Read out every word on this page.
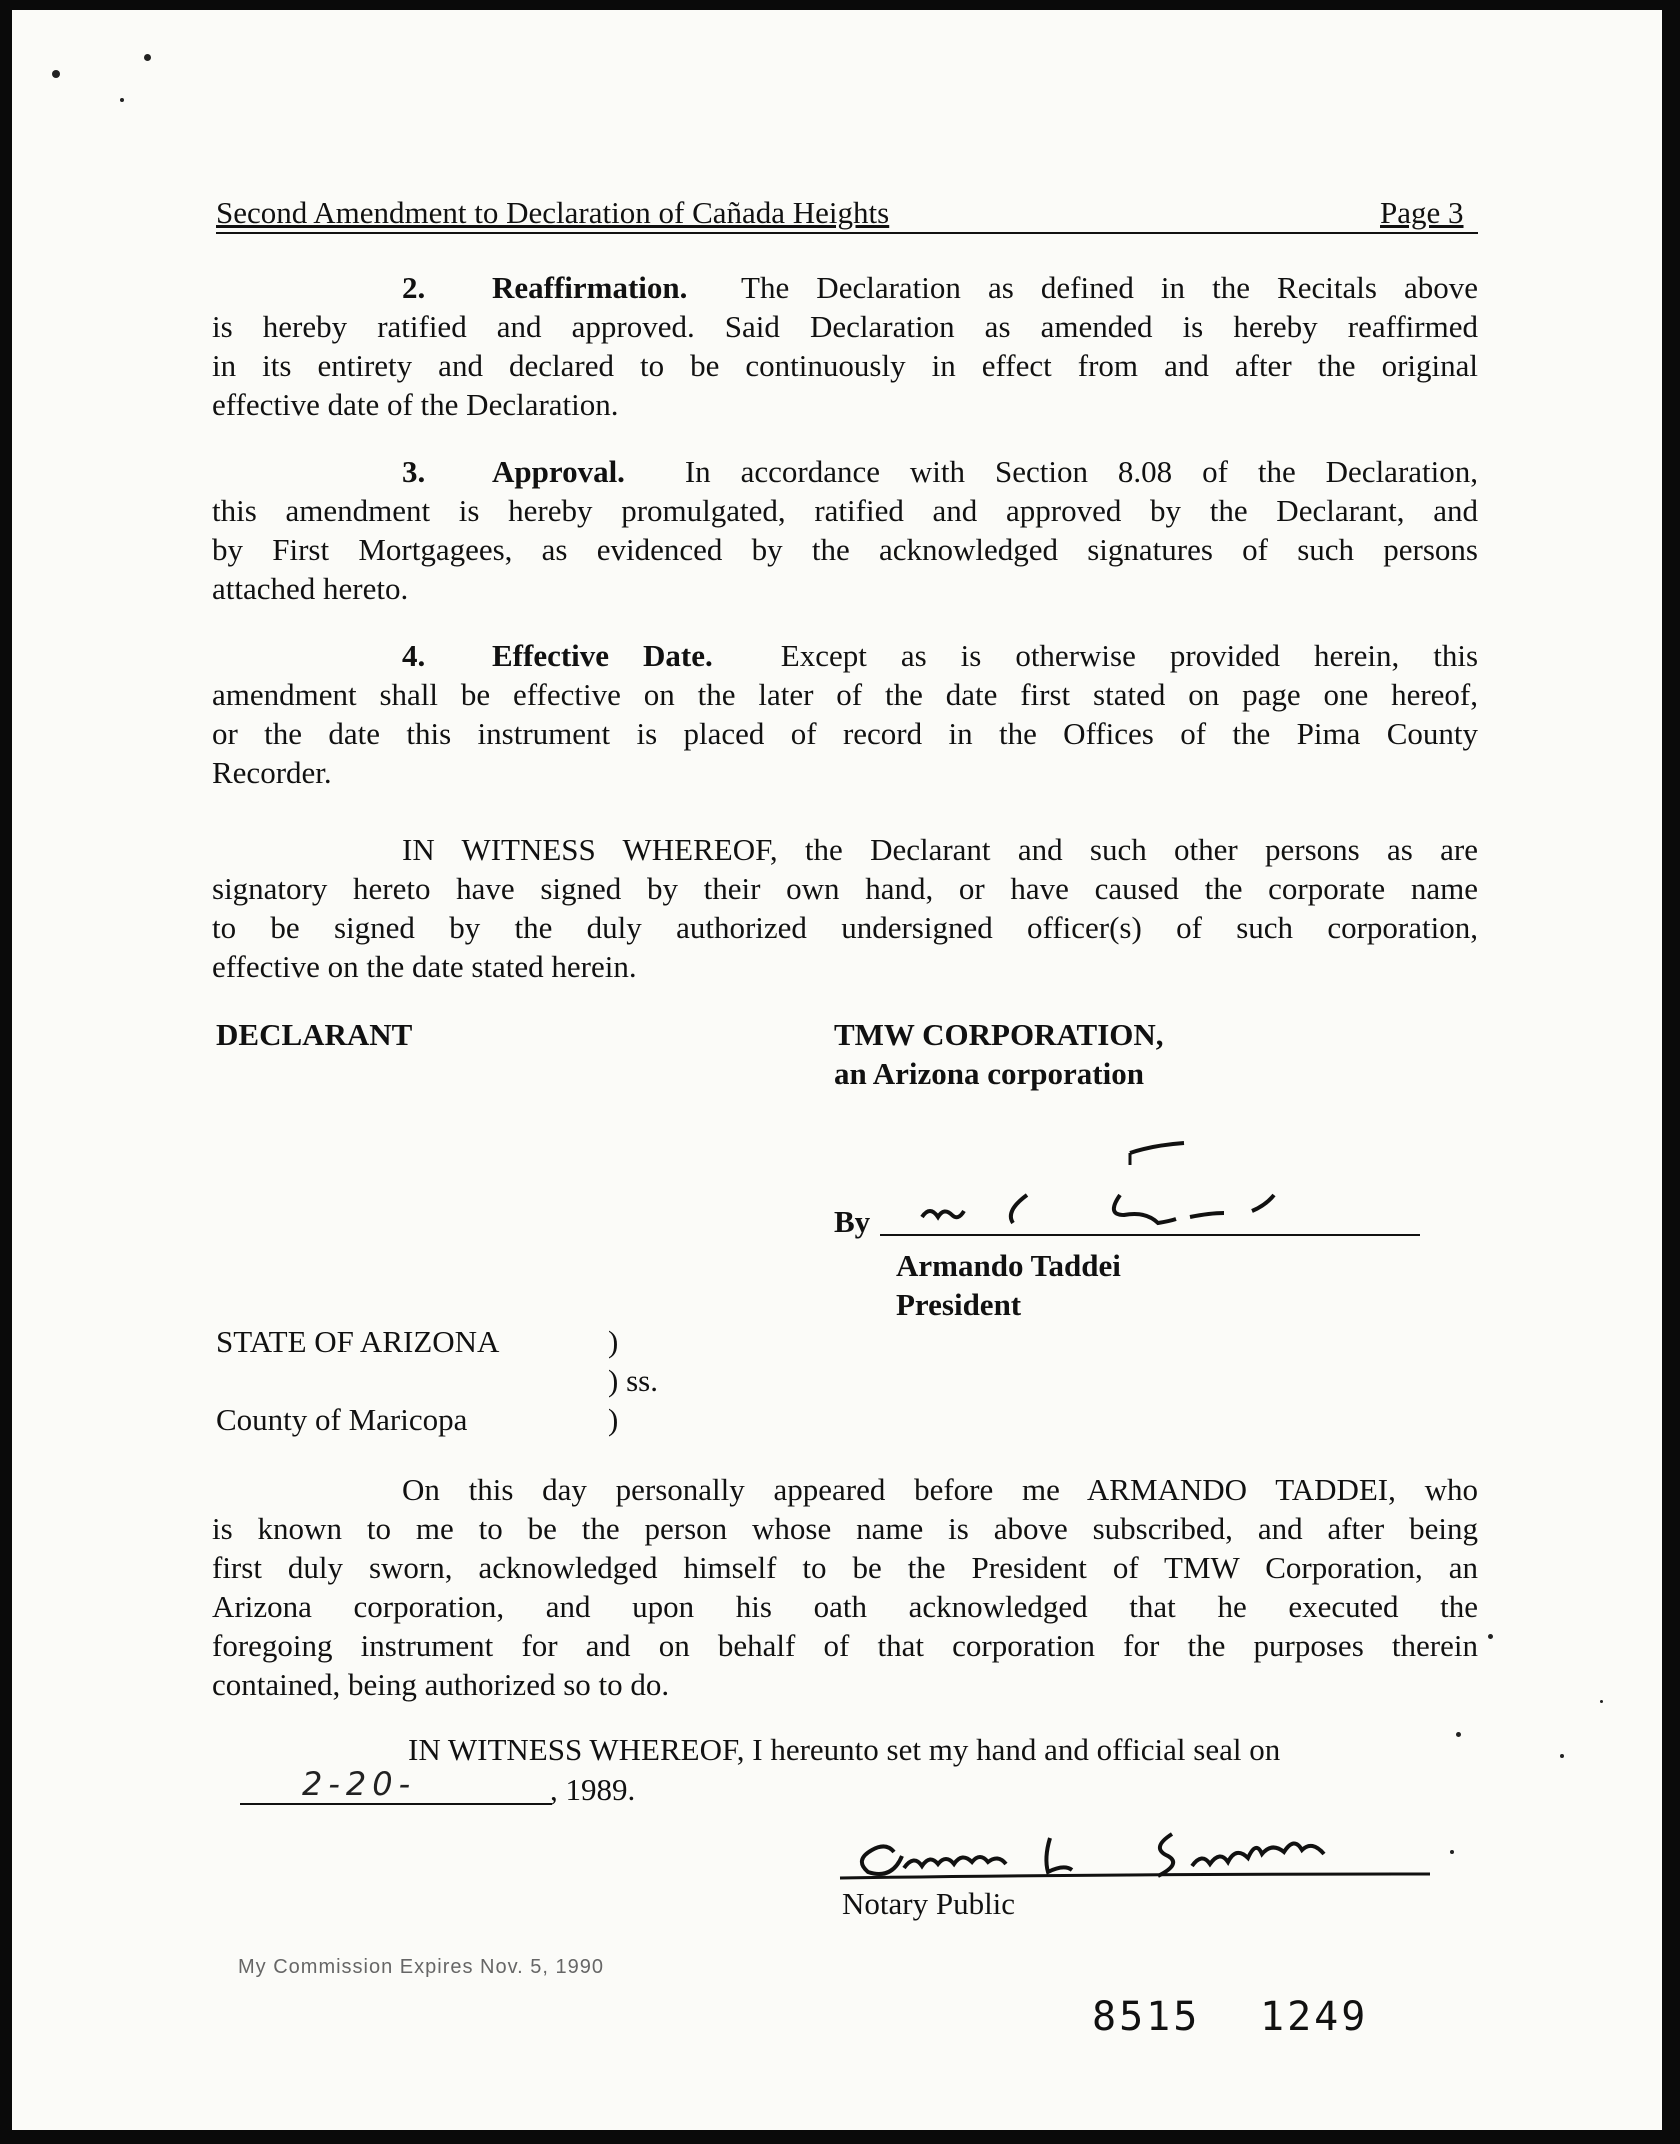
Second Amendment to Declaration of Cañada Heights	Page 3
2. Reaffirmation. The Declaration as defined in the Recitals above
is hereby ratified and approved. Said Declaration as amended is hereby reaffirmed
in its entirety and declared to be continuously in effect from and after the original
effective date of the Declaration.
3. Approval. In accordance with Section 8.08 of the Declaration,
this amendment is hereby promulgated, ratified and approved by the Declarant, and
by First Mortgagees, as evidenced by the acknowledged signatures of such persons
attached hereto.
4. Effective Date. Except as is otherwise provided herein, this
amendment shall be effective on the later of the date first stated on page one hereof,
or the date this instrument is placed of record in the Offices of the Pima County
Recorder.
IN WITNESS WHEREOF, the Declarant and such other persons as are
signatory hereto have signed by their own hand, or have caused the corporate name
to be signed by the duly authorized undersigned officer(s) of such corporation,
effective on the date stated herein.
DECLARANT	TMW CORPORATION,
an Arizona corporation
By
Armando Taddei
President
STATE OF ARIZONA	)
) ss.
County of Maricopa	)
On this day personally appeared before me ARMANDO TADDEI, who
is known to me to be the person whose name is above subscribed, and after being
first duly sworn, acknowledged himself to be the President of TMW Corporation, an
Arizona corporation, and upon his oath acknowledged that he executed the
foregoing instrument for and on behalf of that corporation for the purposes therein
contained, being authorized so to do.
IN WITNESS WHEREOF, I hereunto set my hand and official seal on
2-20-	, 1989.
Notary Public
My Commission Expires Nov. 5, 1990
8515 1249
